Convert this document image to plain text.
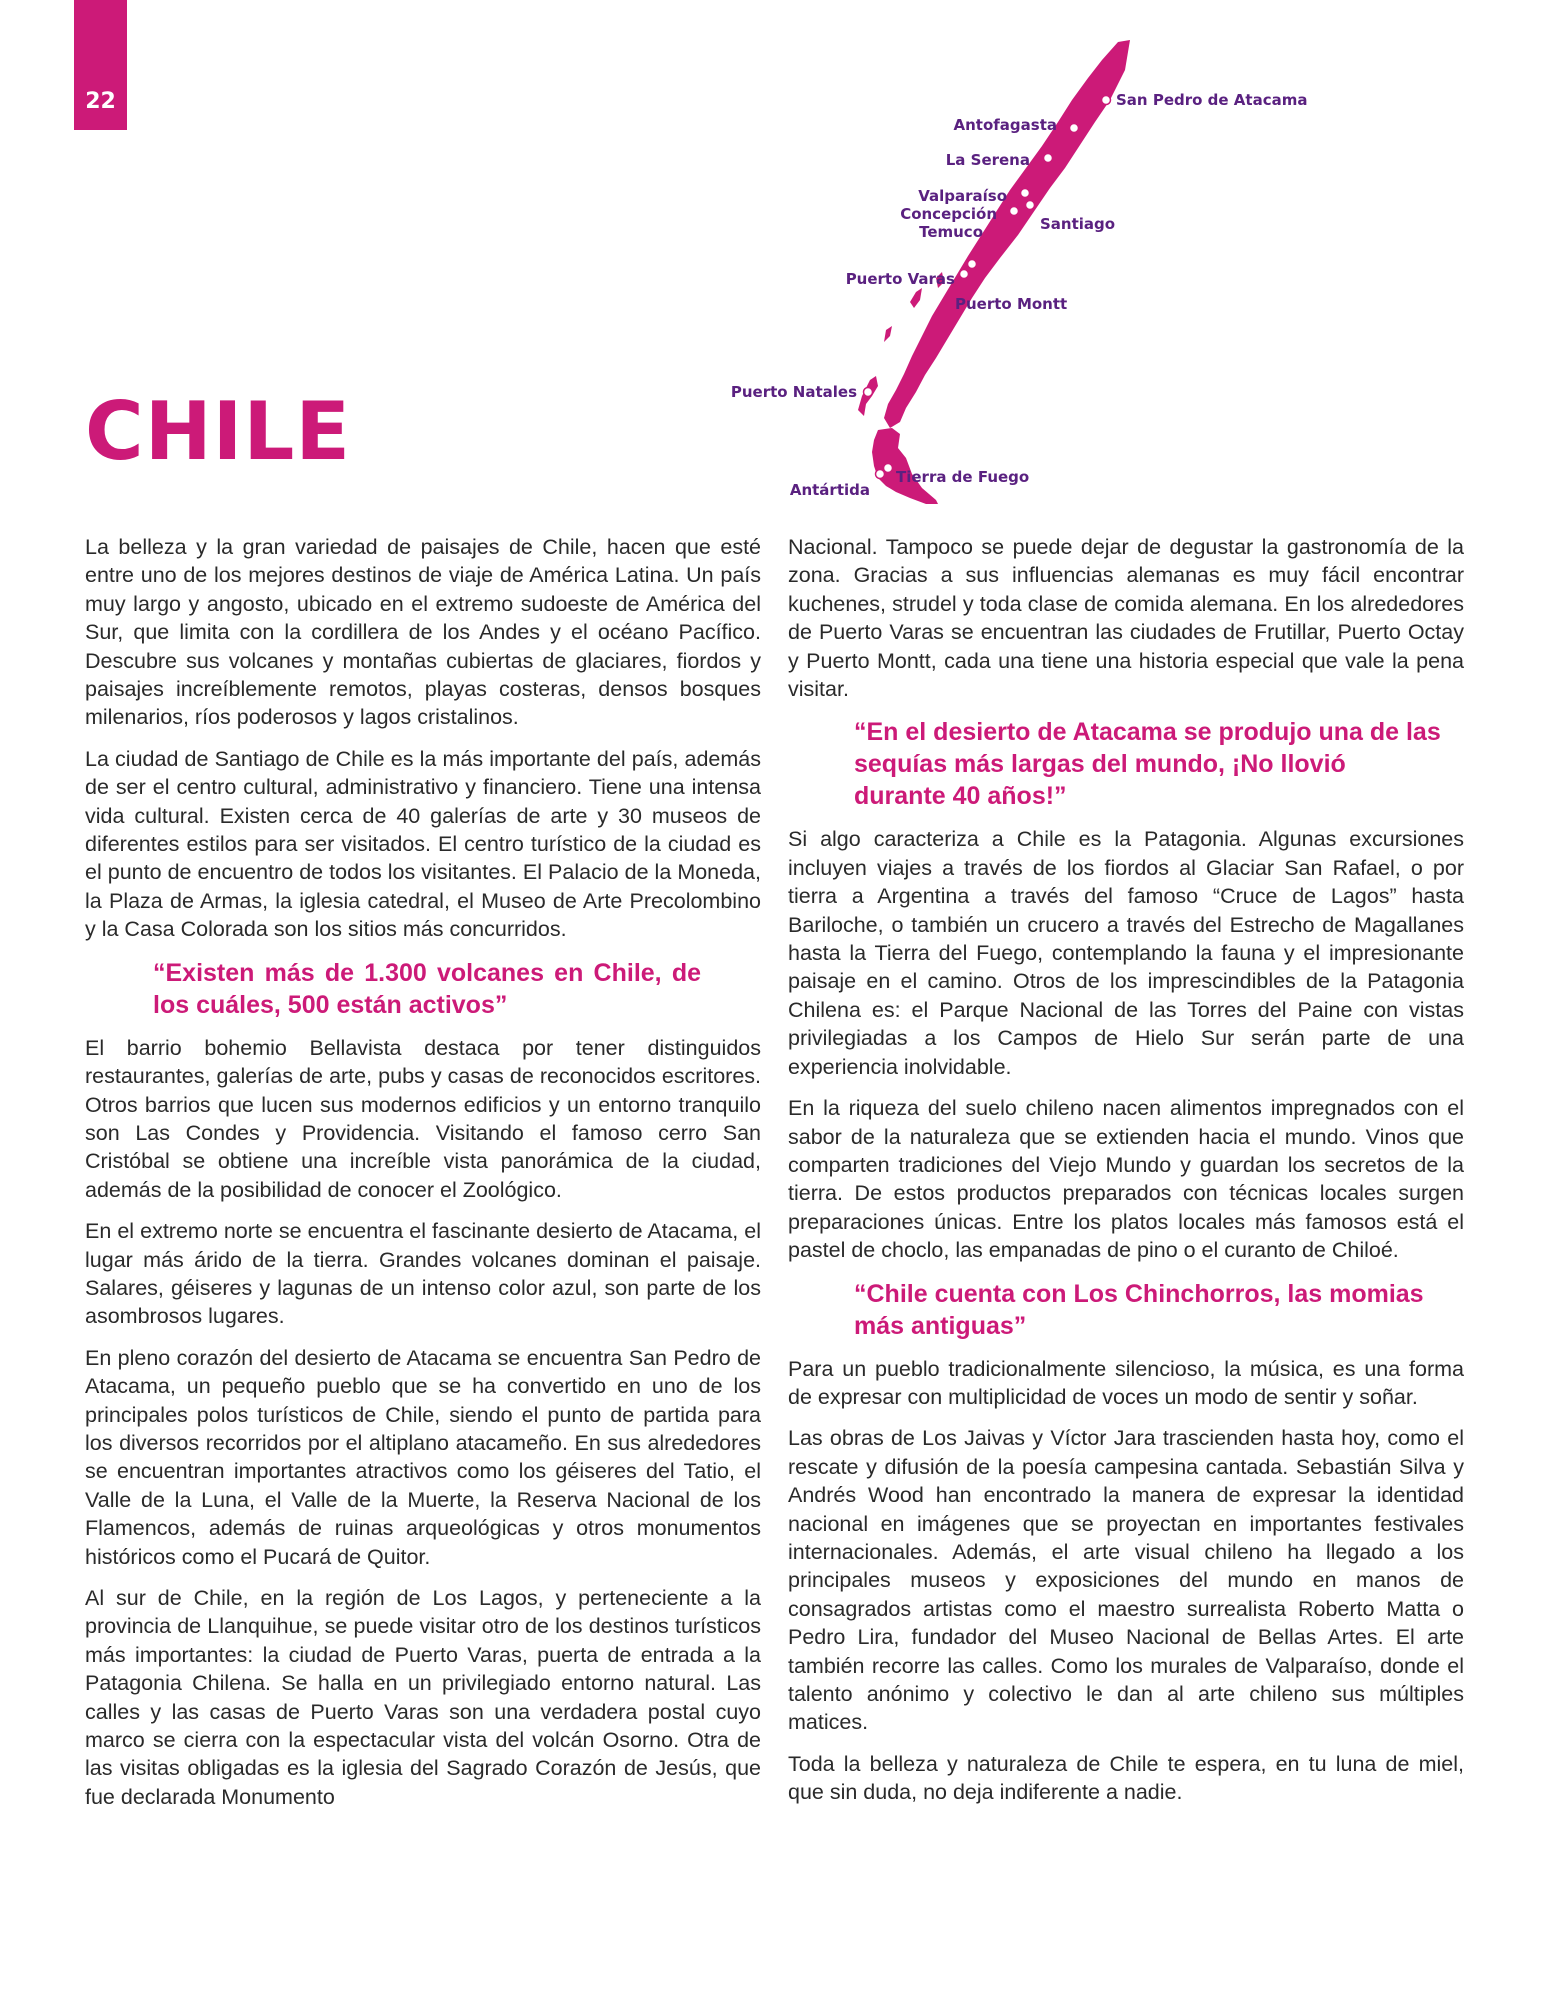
22
CHILE
San Pedro de Atacama
Antofagasta
La Serena
Valparaíso
Concepción
Temuco	Santiago
Puerto Varas
Puerto Montt
Puerto Natales
Antártida
Tierra de Fuego

La belleza y la gran variedad de paisajes de Chile, hacen que esté entre uno de los mejores destinos de viaje de América Latina. Un país muy largo y angosto, ubicado en el extremo sudoeste de América del Sur, que limita con la cordillera de los Andes y el océano Pacífico. Descubre sus volcanes y montañas cubiertas de glaciares, fiordos y paisajes increíblemente remotos, playas costeras, densos bosques milenarios, ríos poderosos y lagos cristalinos.

La ciudad de Santiago de Chile es la más importante del país, además de ser el centro cultural, administrativo y financiero. Tiene una intensa vida cultural. Existen cerca de 40 galerías de arte y 30 museos de diferentes estilos para ser visitados. El centro turístico de la ciudad es el punto de encuentro de todos los visitantes. El Palacio de la Moneda, la Plaza de Armas, la iglesia catedral, el Museo de Arte Precolombino y la Casa Colorada son los sitios más concurridos.

“Existen más de 1.300 volcanes en Chile, de los cuáles, 500 están activos”

El barrio bohemio Bellavista destaca por tener distinguidos restaurantes, galerías de arte, pubs y casas de reconocidos escritores. Otros barrios que lucen sus modernos edificios y un entorno tranquilo son Las Condes y Providencia. Visitando el famoso cerro San Cristóbal se obtiene una increíble vista panorámica de la ciudad, además de la posibilidad de conocer el Zoológico.

En el extremo norte se encuentra el fascinante desierto de Atacama, el lugar más árido de la tierra. Grandes volcanes dominan el paisaje. Salares, géiseres y lagunas de un intenso color azul, son parte de los asombrosos lugares.

En pleno corazón del desierto de Atacama se encuentra San Pedro de Atacama, un pequeño pueblo que se ha convertido en uno de los principales polos turísticos de Chile, siendo el punto de partida para los diversos recorridos por el altiplano atacameño. En sus alrededores se encuentran importantes atractivos como los géiseres del Tatio, el Valle de la Luna, el Valle de la Muerte, la Reserva Nacional de los Flamencos, además de ruinas arqueológicas y otros monumentos históricos como el Pucará de Quitor.

Al sur de Chile, en la región de Los Lagos, y perteneciente a la provincia de Llanquihue, se puede visitar otro de los destinos turísticos más importantes: la ciudad de Puerto Varas, puerta de entrada a la Patagonia Chilena. Se halla en un privilegiado entorno natural. Las calles y las casas de Puerto Varas son una verdadera postal cuyo marco se cierra con la espectacular vista del volcán Osorno. Otra de las visitas obligadas es la iglesia del Sagrado Corazón de Jesús, que fue declarada Monumento

Nacional. Tampoco se puede dejar de degustar la gastronomía de la zona. Gracias a sus influencias alemanas es muy fácil encontrar kuchenes, strudel y toda clase de comida alemana. En los alrededores de Puerto Varas se encuentran las ciudades de Frutillar, Puerto Octay y Puerto Montt, cada una tiene una historia especial que vale la pena visitar.

“En el desierto de Atacama se produjo una de las sequías más largas del mundo, ¡No llovió durante 40 años!”

Si algo caracteriza a Chile es la Patagonia. Algunas excursiones incluyen viajes a través de los fiordos al Glaciar San Rafael, o por tierra a Argentina a través del famoso “Cruce de Lagos” hasta Bariloche, o también un crucero a través del Estrecho de Magallanes hasta la Tierra del Fuego, contemplando la fauna y el impresionante paisaje en el camino. Otros de los imprescindibles de la Patagonia Chilena es: el Parque Nacional de las Torres del Paine con vistas privilegiadas a los Campos de Hielo Sur serán parte de una experiencia inolvidable.

En la riqueza del suelo chileno nacen alimentos impregnados con el sabor de la naturaleza que se extienden hacia el mundo. Vinos que comparten tradiciones del Viejo Mundo y guardan los secretos de la tierra. De estos productos preparados con técnicas locales surgen preparaciones únicas. Entre los platos locales más famosos está el pastel de choclo, las empanadas de pino o el curanto de Chiloé.

“Chile cuenta con Los Chinchorros, las momias más antiguas”

Para un pueblo tradicionalmente silencioso, la música, es una forma de expresar con multiplicidad de voces un modo de sentir y soñar.

Las obras de Los Jaivas y Víctor Jara trascienden hasta hoy, como el rescate y difusión de la poesía campesina cantada. Sebastián Silva y Andrés Wood han encontrado la manera de expresar la identidad nacional en imágenes que se proyectan en importantes festivales internacionales. Además, el arte visual chileno ha llegado a los principales museos y exposiciones del mundo en manos de consagrados artistas como el maestro surrealista Roberto Matta o Pedro Lira, fundador del Museo Nacional de Bellas Artes. El arte también recorre las calles. Como los murales de Valparaíso, donde el talento anónimo y colectivo le dan al arte chileno sus múltiples matices.

Toda la belleza y naturaleza de Chile te espera, en tu luna de miel, que sin duda, no deja indiferente a nadie.
